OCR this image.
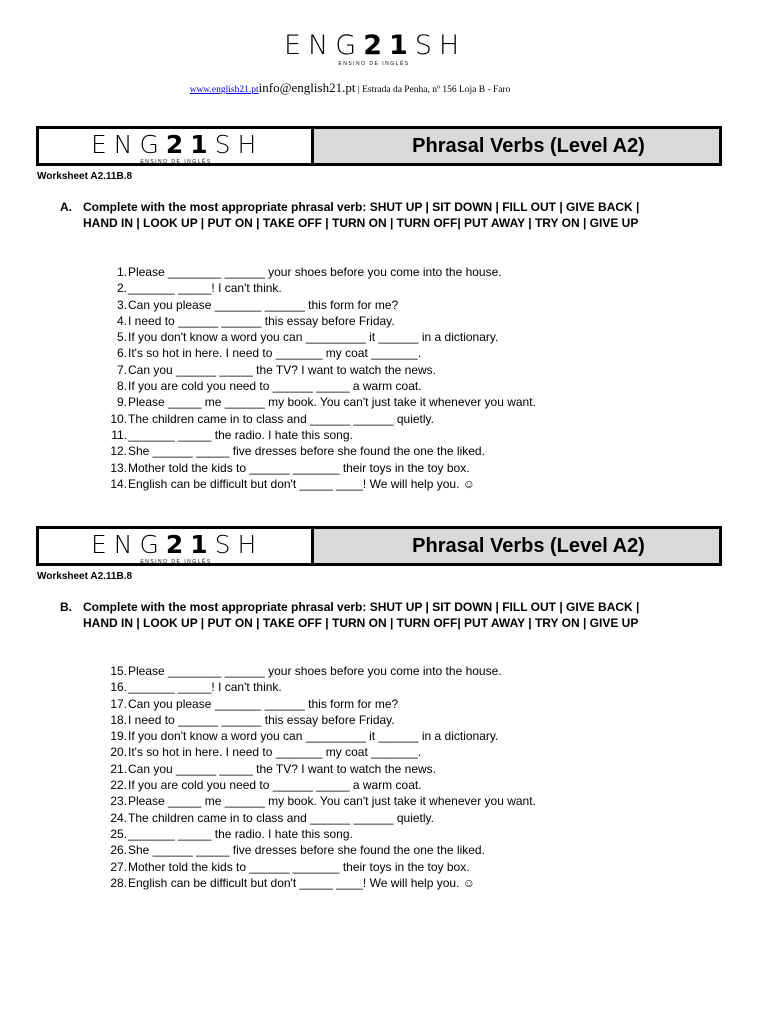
ENG21SH
ENSINO DE INGLÊS
www.english21.ptinfo@english21.pt | Estrada da Penha, nº 156 Loja B - Faro
ENG21SH
ENSINO DE INGLÊS
Phrasal Verbs (Level A2)
Worksheet A2.11B.8
A. Complete with the most appropriate phrasal verb: SHUT UP | SIT DOWN | FILL OUT | GIVE BACK | HAND IN | LOOK UP | PUT ON | TAKE OFF | TURN ON | TURN OFF| PUT AWAY | TRY ON | GIVE UP
1. Please ________ ______ your shoes before you come into the house.
2. _______ _____! I can't think.
3. Can you please _______ ______ this form for me?
4. I need to ______ ______ this essay before Friday.
5. If you don't know a word you can _________ it ______ in a dictionary.
6. It's so hot in here. I need to _______ my coat _______.
7. Can you ______ _____ the TV? I want to watch the news.
8. If you are cold you need to ______ _____ a warm coat.
9. Please _____ me ______ my book. You can't just take it whenever you want.
10. The children came in to class and ______ ______ quietly.
11. _______ _____ the radio. I hate this song.
12. She ______ _____ five dresses before she found the one the liked.
13. Mother told the kids to ______ _______ their toys in the toy box.
14. English can be difficult but don't _____ ____! We will help you. ☺
ENG21SH
ENSINO DE INGLÊS
Phrasal Verbs (Level A2)
Worksheet A2.11B.8
B. Complete with the most appropriate phrasal verb: SHUT UP | SIT DOWN | FILL OUT | GIVE BACK | HAND IN | LOOK UP | PUT ON | TAKE OFF | TURN ON | TURN OFF| PUT AWAY | TRY ON | GIVE UP
15. Please ________ ______ your shoes before you come into the house.
16. _______ _____! I can't think.
17. Can you please _______ ______ this form for me?
18. I need to ______ ______ this essay before Friday.
19. If you don't know a word you can _________ it ______ in a dictionary.
20. It's so hot in here. I need to _______ my coat _______.
21. Can you ______ _____ the TV? I want to watch the news.
22. If you are cold you need to ______ _____ a warm coat.
23. Please _____ me ______ my book. You can't just take it whenever you want.
24. The children came in to class and ______ ______ quietly.
25. _______ _____ the radio. I hate this song.
26. She ______ _____ five dresses before she found the one the liked.
27. Mother told the kids to ______ _______ their toys in the toy box.
28. English can be difficult but don't _____ ____! We will help you. ☺
